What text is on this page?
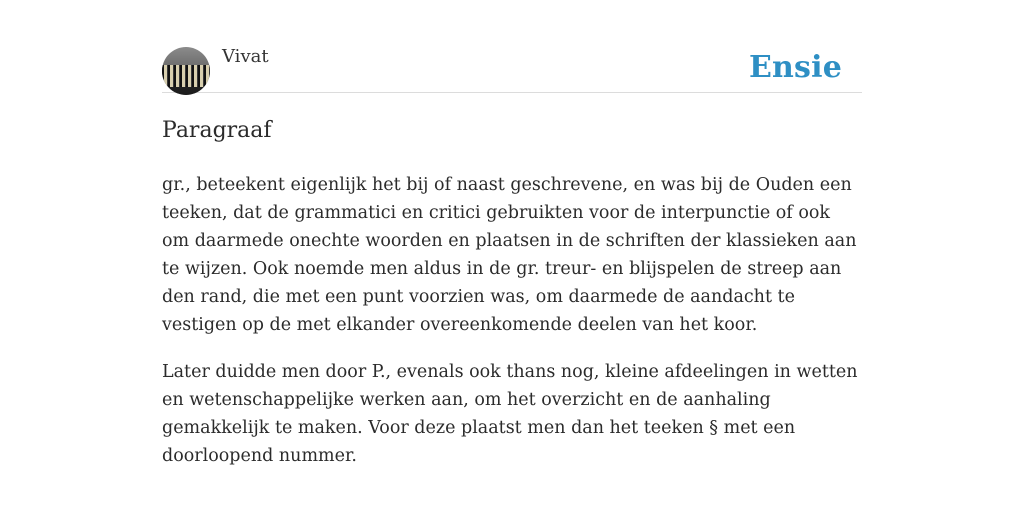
Vivat	Ensie
Paragraaf

gr., beteekent eigenlijk het bij of naast geschrevene, en was bij de Ouden een teeken, dat de grammatici en critici gebruikten voor de interpunctie of ook om daarmede onechte woorden en plaatsen in de schriften der klassieken aan te wijzen. Ook noemde men aldus in de gr. treur- en blijspelen de streep aan den rand, die met een punt voorzien was, om daarmede de aandacht te vestigen op de met elkander overeenkomende deelen van het koor.

Later duidde men door P., evenals ook thans nog, kleine afdeelingen in wetten en wetenschappelijke werken aan, om het overzicht en de aanhaling gemakkelijk te maken. Voor deze plaatst men dan het teeken § met een doorloopend nummer.
